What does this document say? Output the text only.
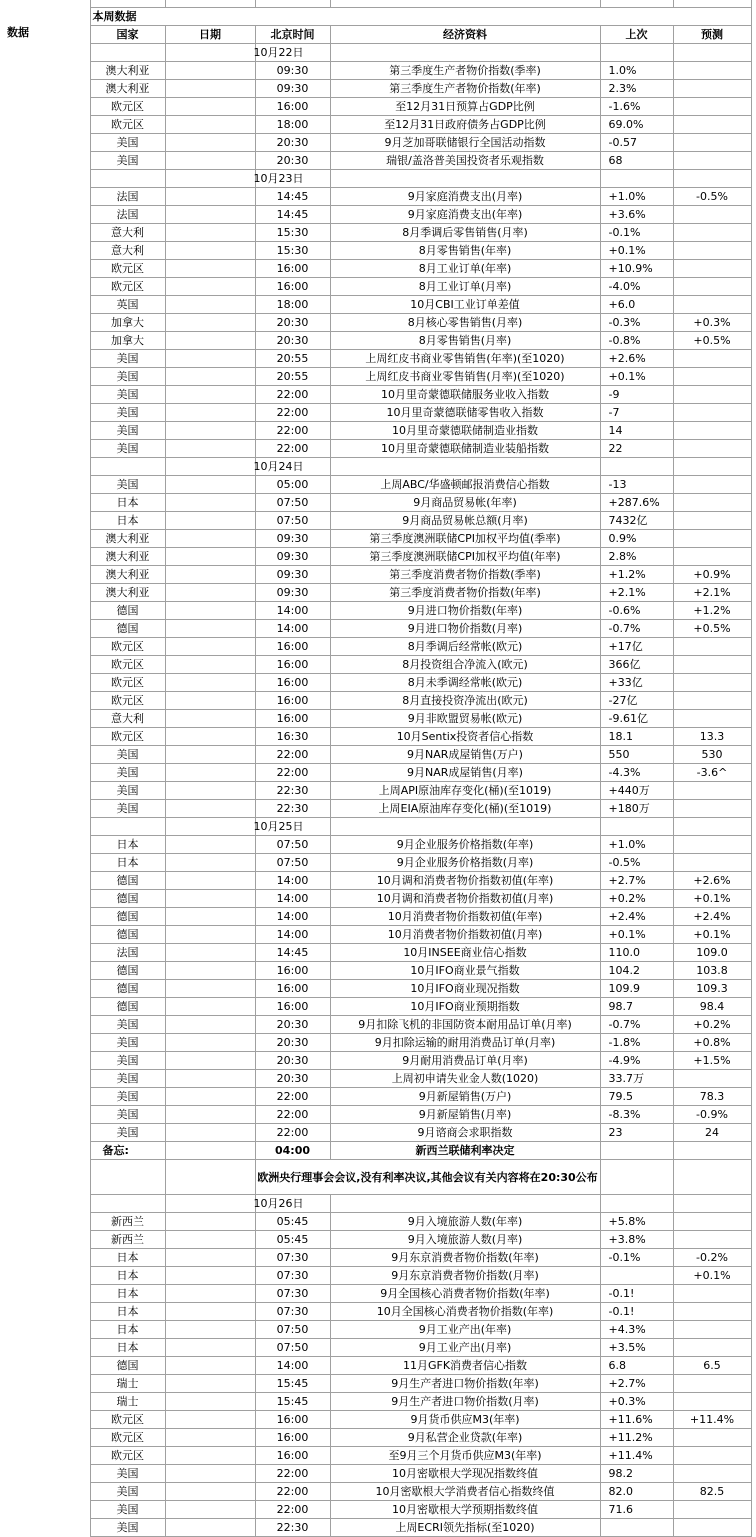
	本周数据					
数据	国家	日期	北京时间	经济资料	上次	预测
		10月22日				
	澳大利亚		09:30	第三季度生产者物价指数(季率)	1.0%	
	澳大利亚		09:30	第三季度生产者物价指数(年率)	2.3%	
	欧元区		16:00	至12月31日预算占GDP比例	-1.6%	
	欧元区		18:00	至12月31日政府债务占GDP比例	69.0%	
	美国		20:30	9月芝加哥联储银行全国活动指数	-0.57	
	美国		20:30	瑞银/盖洛普美国投资者乐观指数	68	
		10月23日				
	法国		14:45	9月家庭消费支出(月率)	+1.0%	-0.5%
	法国		14:45	9月家庭消费支出(年率)	+3.6%	
	意大利		15:30	8月季调后零售销售(月率)	-0.1%	
	意大利		15:30	8月零售销售(年率)	+0.1%	
	欧元区		16:00	8月工业订单(年率)	+10.9%	
	欧元区		16:00	8月工业订单(月率)	-4.0%	
	英国		18:00	10月CBI工业订单差值	+6.0	
	加拿大		20:30	8月核心零售销售(月率)	-0.3%	+0.3%
	加拿大		20:30	8月零售销售(月率)	-0.8%	+0.5%
	美国		20:55	上周红皮书商业零售销售(年率)(至1020)	+2.6%	
	美国		20:55	上周红皮书商业零售销售(月率)(至1020)	+0.1%	
	美国		22:00	10月里奇蒙德联储服务业收入指数	-9	
	美国		22:00	10月里奇蒙德联储零售收入指数	-7	
	美国		22:00	10月里奇蒙德联储制造业指数	14	
	美国		22:00	10月里奇蒙德联储制造业装船指数	22	
		10月24日				
	美国		05:00	上周ABC/华盛顿邮报消费信心指数	-13	
	日本		07:50	9月商品贸易帐(年率)	+287.6%	
	日本		07:50	9月商品贸易帐总额(月率)	7432亿	
	澳大利亚		09:30	第三季度澳洲联储CPI加权平均值(季率)	0.9%	
	澳大利亚		09:30	第三季度澳洲联储CPI加权平均值(年率)	2.8%	
	澳大利亚		09:30	第三季度消费者物价指数(季率)	+1.2%	+0.9%
	澳大利亚		09:30	第三季度消费者物价指数(年率)	+2.1%	+2.1%
	德国		14:00	9月进口物价指数(年率)	-0.6%	+1.2%
	德国		14:00	9月进口物价指数(月率)	-0.7%	+0.5%
	欧元区		16:00	8月季调后经常帐(欧元)	+17亿	
	欧元区		16:00	8月投资组合净流入(欧元)	366亿	
	欧元区		16:00	8月未季调经常帐(欧元)	+33亿	
	欧元区		16:00	8月直接投资净流出(欧元)	-27亿	
	意大利		16:00	9月非欧盟贸易帐(欧元)	-9.61亿	
	欧元区		16:30	10月Sentix投资者信心指数	18.1	13.3
	美国		22:00	9月NAR成屋销售(万户)	550	530
	美国		22:00	9月NAR成屋销售(月率)	-4.3%	-3.6^
	美国		22:30	上周API原油库存变化(桶)(至1019)	+440万	
	美国		22:30	上周EIA原油库存变化(桶)(至1019)	+180万	
		10月25日				
	日本		07:50	9月企业服务价格指数(年率)	+1.0%	
	日本		07:50	9月企业服务价格指数(月率)	-0.5%	
	德国		14:00	10月调和消费者物价指数初值(年率)	+2.7%	+2.6%
	德国		14:00	10月调和消费者物价指数初值(月率)	+0.2%	+0.1%
	德国		14:00	10月消费者物价指数初值(年率)	+2.4%	+2.4%
	德国		14:00	10月消费者物价指数初值(月率)	+0.1%	+0.1%
	法国		14:45	10月INSEE商业信心指数	110.0	109.0
	德国		16:00	10月IFO商业景气指数	104.2	103.8
	德国		16:00	10月IFO商业现况指数	109.9	109.3
	德国		16:00	10月IFO商业预期指数	98.7	98.4
	美国		20:30	9月扣除飞机的非国防资本耐用品订单(月率)	-0.7%	+0.2%
	美国		20:30	9月扣除运输的耐用消费品订单(月率)	-1.8%	+0.8%
	美国		20:30	9月耐用消费品订单(月率)	-4.9%	+1.5%
	美国		20:30	上周初申请失业金人数(1020)	33.7万	
	美国		22:00	9月新屋销售(万户)	79.5	78.3
	美国		22:00	9月新屋销售(月率)	-8.3%	-0.9%
	美国		22:00	9月谘商会求职指数	23	24
	备忘:		04:00	新西兰联储利率决定		
			欧洲央行理事会会议,没有利率决议,其他会议有关内容将在20:30公布			
		10月26日				
	新西兰		05:45	9月入境旅游人数(年率)	+5.8%	
	新西兰		05:45	9月入境旅游人数(月率)	+3.8%	
	日本		07:30	9月东京消费者物价指数(年率)	-0.1%	-0.2%
	日本		07:30	9月东京消费者物价指数(月率)		+0.1%
	日本		07:30	9月全国核心消费者物价指数(年率)	-0.1!	
	日本		07:30	10月全国核心消费者物价指数(年率)	-0.1!	
	日本		07:50	9月工业产出(年率)	+4.3%	
	日本		07:50	9月工业产出(月率)	+3.5%	
	德国		14:00	11月GFK消费者信心指数	6.8	6.5
	瑞士		15:45	9月生产者进口物价指数(年率)	+2.7%	
	瑞士		15:45	9月生产者进口物价指数(月率)	+0.3%	
	欧元区		16:00	9月货币供应M3(年率)	+11.6%	+11.4%
	欧元区		16:00	9月私营企业贷款(年率)	+11.2%	
	欧元区		16:00	至9月三个月货币供应M3(年率)	+11.4%	
	美国		22:00	10月密歇根大学现况指数终值	98.2	
	美国		22:00	10月密歇根大学消费者信心指数终值	82.0	82.5
	美国		22:00	10月密歇根大学预期指数终值	71.6	
	美国		22:30	上周ECRI领先指标(至1020)		
